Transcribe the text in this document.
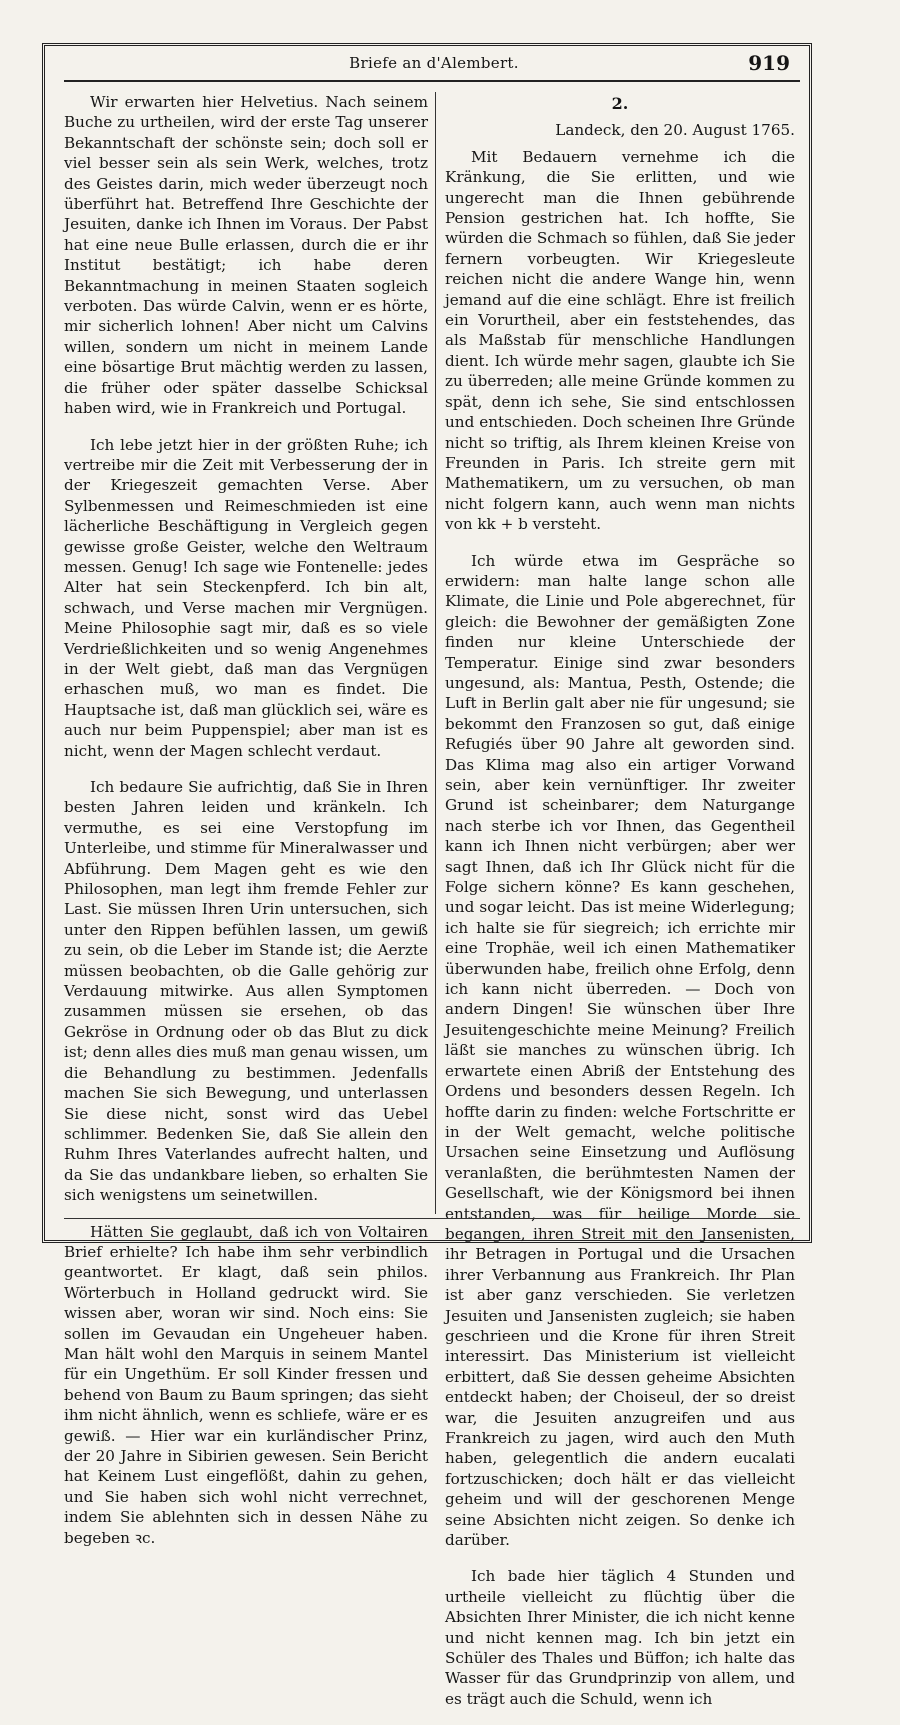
Briefe an d'Alembert.	919

Wir erwarten hier Helvetius. Nach seinem Buche zu urtheilen, wird der erste Tag unserer Bekanntschaft der schönste sein; doch soll er viel besser sein als sein Werk, welches, trotz des Geistes darin, mich weder überzeugt noch überführt hat. Betreffend Ihre Geschichte der Jesuiten, danke ich Ihnen im Voraus. Der Pabst hat eine neue Bulle erlassen, durch die er ihr Institut bestätigt; ich habe deren Bekanntmachung in meinen Staaten sogleich verboten. Das würde Calvin, wenn er es hörte, mir sicherlich lohnen! Aber nicht um Calvins willen, sondern um nicht in meinem Lande eine bösartige Brut mächtig werden zu lassen, die früher oder später dasselbe Schicksal haben wird, wie in Frankreich und Portugal.

Ich lebe jetzt hier in der größten Ruhe; ich vertreibe mir die Zeit mit Verbesserung der in der Kriegeszeit gemachten Verse. Aber Sylbenmessen und Reimeschmieden ist eine lächerliche Beschäftigung in Vergleich gegen gewisse große Geister, welche den Weltraum messen. Genug! Ich sage wie Fontenelle: jedes Alter hat sein Steckenpferd. Ich bin alt, schwach, und Verse machen mir Vergnügen. Meine Philosophie sagt mir, daß es so viele Verdrießlichkeiten und so wenig Angenehmes in der Welt giebt, daß man das Vergnügen erhaschen muß, wo man es findet. Die Hauptsache ist, daß man glücklich sei, wäre es auch nur beim Puppenspiel; aber man ist es nicht, wenn der Magen schlecht verdaut.

Ich bedaure Sie aufrichtig, daß Sie in Ihren besten Jahren leiden und kränkeln. Ich vermuthe, es sei eine Verstopfung im Unterleibe, und stimme für Mineralwasser und Abführung. Dem Magen geht es wie den Philosophen, man legt ihm fremde Fehler zur Last. Sie müssen Ihren Urin untersuchen, sich unter den Rippen befühlen lassen, um gewiß zu sein, ob die Leber im Stande ist; die Aerzte müssen beobachten, ob die Galle gehörig zur Verdauung mitwirke. Aus allen Symptomen zusammen müssen sie ersehen, ob das Gekröse in Ordnung oder ob das Blut zu dick ist; denn alles dies muß man genau wissen, um die Behandlung zu bestimmen. Jedenfalls machen Sie sich Bewegung, und unterlassen Sie diese nicht, sonst wird das Uebel schlimmer. Bedenken Sie, daß Sie allein den Ruhm Ihres Vaterlandes aufrecht halten, und da Sie das undankbare lieben, so erhalten Sie sich wenigstens um seinetwillen.

Hätten Sie geglaubt, daß ich von Voltairen Brief erhielte? Ich habe ihm sehr verbindlich geantwortet. Er klagt, daß sein philos. Wörterbuch in Holland gedruckt wird. Sie wissen aber, woran wir sind. Noch eins: Sie sollen im Gevaudan ein Ungeheuer haben. Man hält wohl den Marquis in seinem Mantel für ein Ungethüm. Er soll Kinder fressen und behend von Baum zu Baum springen; das sieht ihm nicht ähnlich, wenn es schliefe, wäre er es gewiß. — Hier war ein kurländischer Prinz, der 20 Jahre in Sibirien gewesen. Sein Bericht hat Keinem Lust eingeflößt, dahin zu gehen, und Sie haben sich wohl nicht verrechnet, indem Sie ablehnten sich in dessen Nähe zu begeben ꝛc.

2.
Landeck, den 20. August 1765.

Mit Bedauern vernehme ich die Kränkung, die Sie erlitten, und wie ungerecht man die Ihnen gebührende Pension gestrichen hat. Ich hoffte, Sie würden die Schmach so fühlen, daß Sie jeder fernern vorbeugten. Wir Kriegesleute reichen nicht die andere Wange hin, wenn jemand auf die eine schlägt. Ehre ist freilich ein Vorurtheil, aber ein feststehendes, das als Maßstab für menschliche Handlungen dient. Ich würde mehr sagen, glaubte ich Sie zu überreden; alle meine Gründe kommen zu spät, denn ich sehe, Sie sind entschlossen und entschieden. Doch scheinen Ihre Gründe nicht so triftig, als Ihrem kleinen Kreise von Freunden in Paris. Ich streite gern mit Mathematikern, um zu versuchen, ob man nicht folgern kann, auch wenn man nichts von kk + b versteht.

Ich würde etwa im Gespräche so erwidern: man halte lange schon alle Klimate, die Linie und Pole abgerechnet, für gleich: die Bewohner der gemäßigten Zone finden nur kleine Unterschiede der Temperatur. Einige sind zwar besonders ungesund, als: Mantua, Pesth, Ostende; die Luft in Berlin galt aber nie für ungesund; sie bekommt den Franzosen so gut, daß einige Refugiés über 90 Jahre alt geworden sind. Das Klima mag also ein artiger Vorwand sein, aber kein vernünftiger. Ihr zweiter Grund ist scheinbarer; dem Naturgange nach sterbe ich vor Ihnen, das Gegentheil kann ich Ihnen nicht verbürgen; aber wer sagt Ihnen, daß ich Ihr Glück nicht für die Folge sichern könne? Es kann geschehen, und sogar leicht. Das ist meine Widerlegung; ich halte sie für siegreich; ich errichte mir eine Trophäe, weil ich einen Mathematiker überwunden habe, freilich ohne Erfolg, denn ich kann nicht überreden. — Doch von andern Dingen! Sie wünschen über Ihre Jesuitengeschichte meine Meinung? Freilich läßt sie manches zu wünschen übrig. Ich erwartete einen Abriß der Entstehung des Ordens und besonders dessen Regeln. Ich hoffte darin zu finden: welche Fortschritte er in der Welt gemacht, welche politische Ursachen seine Einsetzung und Auflösung veranlaßten, die berühmtesten Namen der Gesellschaft, wie der Königsmord bei ihnen entstanden, was für heilige Morde sie begangen, ihren Streit mit den Jansenisten, ihr Betragen in Portugal und die Ursachen ihrer Verbannung aus Frankreich. Ihr Plan ist aber ganz verschieden. Sie verletzen Jesuiten und Jansenisten zugleich; sie haben geschrieen und die Krone für ihren Streit interessirt. Das Ministerium ist vielleicht erbittert, daß Sie dessen geheime Absichten entdeckt haben; der Choiseul, der so dreist war, die Jesuiten anzugreifen und aus Frankreich zu jagen, wird auch den Muth haben, gelegentlich die andern eucalati fortzuschicken; doch hält er das vielleicht geheim und will der geschorenen Menge seine Absichten nicht zeigen. So denke ich darüber.

Ich bade hier täglich 4 Stunden und urtheile vielleicht zu flüchtig über die Absichten Ihrer Minister, die ich nicht kenne und nicht kennen mag. Ich bin jetzt ein Schüler des Thales und Büffon; ich halte das Wasser für das Grundprinzip von allem, und es trägt auch die Schuld, wenn ich
